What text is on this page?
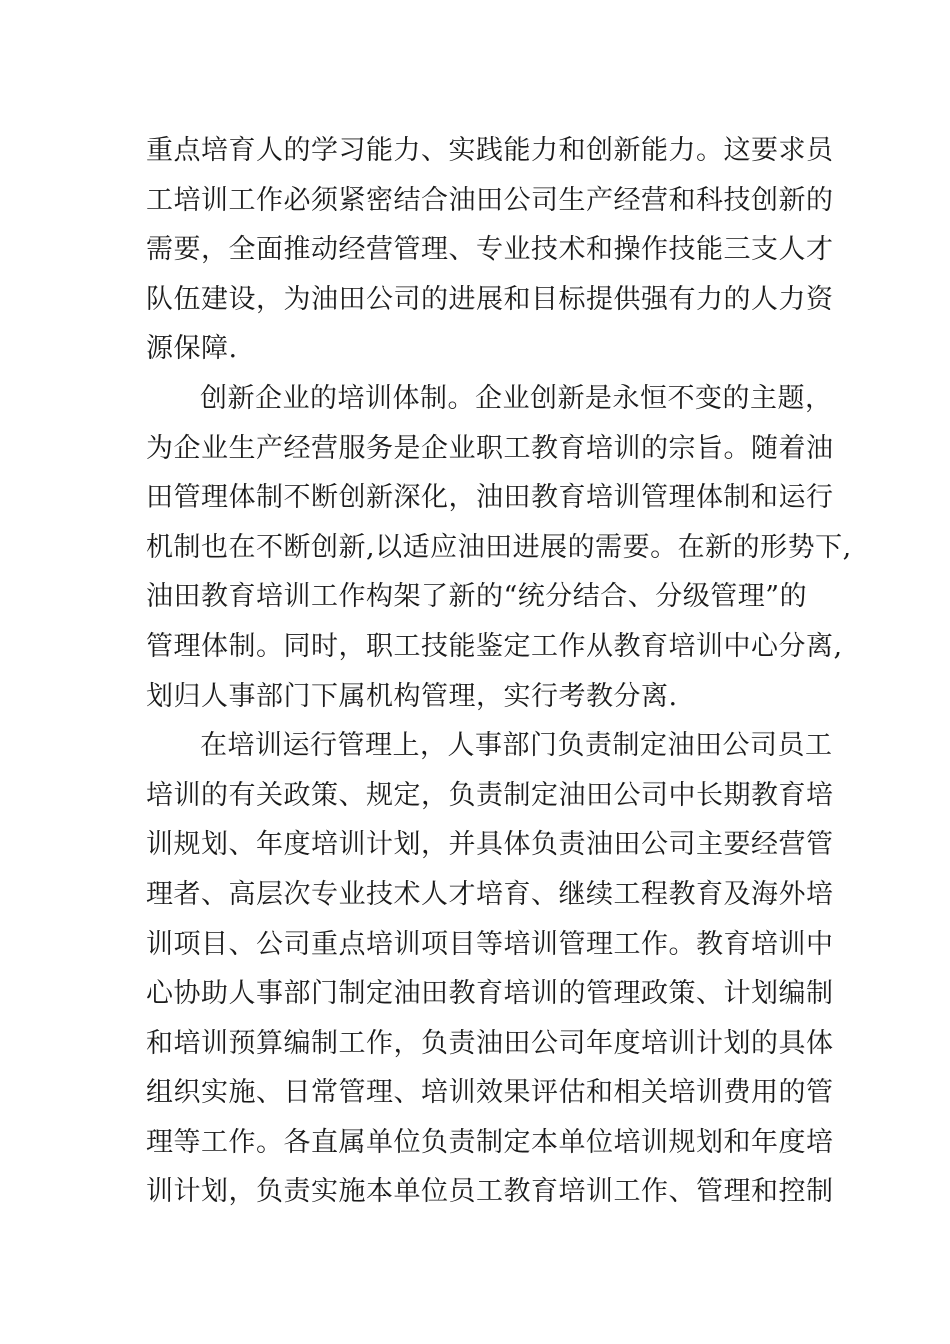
重点培育人的学习能力、实践能力和创新能力。这要求员
工培训工作必须紧密结合油田公司生产经营和科技创新的
需要，全面推动经营管理、专业技术和操作技能三支人才
队伍建设，为油田公司的进展和目标提供强有力的人力资
源保障.

创新企业的培训体制。企业创新是永恒不变的主题，
为企业生产经营服务是企业职工教育培训的宗旨。随着油
田管理体制不断创新深化，油田教育培训管理体制和运行
机制也在不断创新,以适应油田进展的需要。在新的形势下,
油田教育培训工作构架了新的“统分结合、分级管理”的
管理体制。同时，职工技能鉴定工作从教育培训中心分离,
划归人事部门下属机构管理，实行考教分离.

在培训运行管理上，人事部门负责制定油田公司员工
培训的有关政策、规定，负责制定油田公司中长期教育培
训规划、年度培训计划，并具体负责油田公司主要经营管
理者、高层次专业技术人才培育、继续工程教育及海外培
训项目、公司重点培训项目等培训管理工作。教育培训中
心协助人事部门制定油田教育培训的管理政策、计划编制
和培训预算编制工作，负责油田公司年度培训计划的具体
组织实施、日常管理、培训效果评估和相关培训费用的管
理等工作。各直属单位负责制定本单位培训规划和年度培
训计划，负责实施本单位员工教育培训工作、管理和控制
